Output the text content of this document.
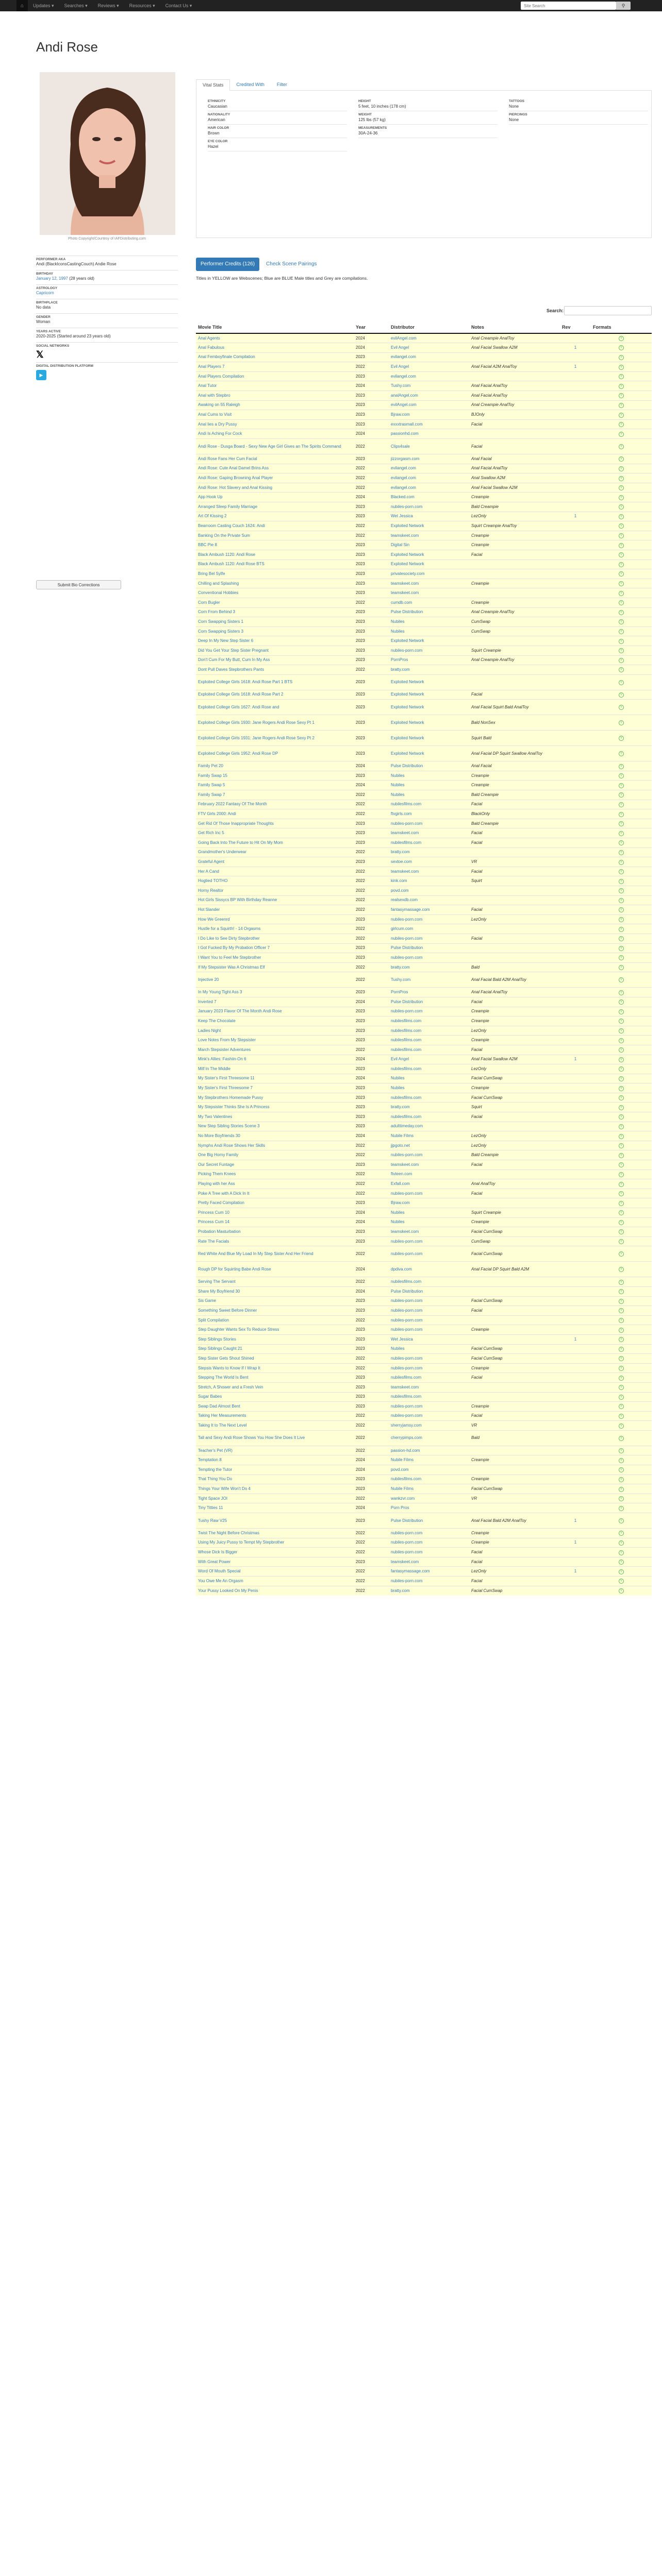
⌂	Updates ▾	Searches ▾	Reviews ▾	Resources ▾	Contact Us ▾
Site Search	⚲
Andi Rose
Photo Copyright/Courtesy of IAFDistributing.com
PERFORMER AKA
Andi (BlackIconsCastingCouch) Andie Rose
BIRTHDAY
January 12, 1997 (28 years old)
ASTROLOGY
Capricorn
BIRTHPLACE
No data
GENDER
Woman
YEARS ACTIVE
2020-2025 (Started around 23 years old)
SOCIAL NETWORKS
𝕏
DIGITAL DISTRIBUTION PLATFORM
▶
Submit Bio Corrections
Vital Stats	Credited With	Filter
ETHNICITY
Caucasian
NATIONALITY
American
HAIR COLOR
Brown
EYE COLOR
Hazel
HEIGHT
5 feet, 10 inches (178 cm)
WEIGHT
125 lbs (57 kg)
MEASUREMENTS
30A-24-36
TATTOOS
None
PIERCINGS
None
Performer Credits (126)	Check Scene Pairings
Titles in YELLOW are Webscenes; Blue are BLUE Male titles and Grey are compilations.
Search:
Movie Title	Year	Distributor	Notes	Rev	Formats
Anal Agents	2024	evilAngel.com	Anal Creampie AnalToy		Y
Anal Fabulous	2024	Evil Angel	Anal Facial Swallow A2M	1	Y
Anal Femboyfinale Compilation	2023	evilangel.com			Y
Anal Players 7	2022	Evil Angel	Anal Facial A2M AnalToy	1	Y
Anal Players Compilation	2023	evilangel.com			Y
Anal Tutor	2024	Tushy.com	Anal Facial AnalToy		Y
Anal with Stepbro	2023	analAngel.com	Anal Facial AnalToy		Y
Awaking on 55 Raleigh	2023	evilAngel.com	Anal Creampie AnalToy		Y
Anal Cums to Visit	2023	Bjraw.com	BJOnly		Y
Anal lies a Dry Pussy	2023	exxxtrasmall.com	Facial		Y
Andi Is Aching For Cock	2024	passionhd.com			Y
Andi Rose - Dusga Board - Sexy New Age Girl Gives an The Spirits Command	2022	Clips4sale	Facial		Y
Andi Rose Fans Her Cum Facial	2023	jizzorgasm.com	Anal Facial		Y
Andi Rose: Cute Anal Damel Brins Ass	2022	evilangel.com	Anal Facial AnalToy		Y
Andi Rose: Gaping Browning Anal Player	2022	evilangel.com	Anal Swallow A2M		Y
Andi Rose: Hot Slavery and Anal Kissing	2022	evilangel.com	Anal Facial Swallow A2M		Y
App Hook Up	2024	Blacked.com	Creampie		Y
Arranged Sleep Family Marriage	2023	nubiles-porn.com	Bald Creampie		Y
Art Of Kissing 2	2023	Wet Jessica	LezOnly	1	Y
Bearroom Casting Couch 1624: Andi	2022	Exploited Network	Squirt Creampie AnalToy		Y
Banking On the Private Sum	2022	teamskeet.com	Creampie		Y
BBC Pie 8	2023	Digital Sin	Creampie		Y
Black Ambush 1120: Andi Rose	2023	Exploited Network	Facial		Y
Black Ambush 1120: Andi Rose BTS	2023	Exploited Network			Y
Bring Bel Sylfe	2023	privatesociety.com			Y
Chilling and Splashing	2023	teamskeet.com	Creampie		Y
Conventional Hobbies	2023	teamskeet.com			Y
Corn Bugler	2022	cumdb.com	Creampie		Y
Corn From Behind 3	2023	Pulse Distribution	Anal Creampie AnalToy		Y
Corn Swapping Sisters 1	2023	Nubiles	CumSwap		Y
Corn Swapping Sisters 3	2023	Nubiles	CumSwap		Y
Deep In My New Step Sister 6	2023	Exploited Network			Y
Did You Get Your Step Sister Pregnant	2023	nubiles-porn.com	Squirt Creampie		Y
Don't Cum For My Butt, Cum In My Ass	2023	PornPros	Anal Creampie AnalToy		Y
Dont Pull Daves Stepbrothers Pants	2022	bratty.com			Y
Exploited College Girls 1618: Andi Rose Part 1 BTS	2023	Exploited Network			Y
Exploited College Girls 1618: Andi Rose Part 2	2023	Exploited Network	Facial		Y
Exploited College Girls 1627: Andi Rose and	2023	Exploited Network	Anal Facial Squirt Bald AnalToy		Y
Exploited College Girls 1930: Jane Rogers Andi Rose Sexy Pt 1	2023	Exploited Network	Bald NonSex		Y
Exploited College Girls 1931: Jane Rogers Andi Rose Sexy Pt 2	2023	Exploited Network	Squirt Bald		Y
Exploited College Girls 1952: Andi Rose DP	2023	Exploited Network	Anal Facial DP Squirt Swallow AnalToy		Y
Family Pet 20	2024	Pulse Distribution	Anal Facial		Y
Family Swap 15	2023	Nubiles	Creampie		Y
Family Swap 5	2024	Nubiles	Creampie		Y
Family Swap 7	2022	Nubiles	Bald Creampie		Y
February 2022 Fantasy Of The Month	2022	nubilesfilms.com	Facial		Y
FTV Girls 2000: Andi	2022	ftvgirls.com	BlackOnly		Y
Get Rid Of Those Inappropriate Thoughts	2023	nubiles-porn.com	Bald Creampie		Y
Get Rich Inc 5	2023	teamskeet.com	Facial		Y
Going Back Into The Future to Hit On My Mom	2023	nubilesfilms.com	Facial		Y
Grandmother's Underwear	2022	bratty.com			Y
Grateful Agent	2023	sextoe.com	VR		Y
Her A Cand	2022	teamskeet.com	Facial		Y
Hogtied TOTHO	2022	kink.com	Squirt		Y
Horny Realtor	2022	povd.com			Y
Hot Girls Sissycs BP With Birthday Reanne	2022	realsexdb.com			Y
Hot Slander	2022	fantasymassage.com	Facial		Y
How We Greenrd	2023	nubiles-porn.com	LezOnly		Y
Hustle for a Squirth! - 14 Orgasms	2022	girlcum.com			Y
I Do Like to See Dirty Stepbrother	2022	nubiles-porn.com	Facial		Y
I Got Fucked By My Probation Officer 7	2023	Pulse Distribution			Y
I Want You to Feel Me Stepbrother	2023	nubiles-porn.com			Y
If My Stepsister Was A Christmas Elf	2022	bratty.com	Bald		Y
Injective 20	2022	Tushy.com	Anal Facial Bald A2M AnalToy		Y
In My Young Tight Ass 3	2023	PornPros	Anal Facial AnalToy		Y
Inverted 7	2024	Pulse Distribution	Facial		Y
January 2023 Flavor Of The Month Andi Rose	2023	nubiles-porn.com	Creampie		Y
Keep The Chocolate	2023	nubilesfilms.com	Creampie		Y
Ladies Night	2023	nubilesfilms.com	LezOnly		Y
Love Notes From My Stepsister	2023	nubilesfilms.com	Creampie		Y
March Stepsister Adventures	2022	nubilesfilms.com	Facial		Y
Mink's Allies: Fashiin-On 6	2024	Evil Angel	Anal Facial Swallow A2M	1	Y
Milf In The Middle	2023	nubilesfilms.com	LezOnly		Y
My Sister's First Threesome 11	2024	Nubiles	Facial CumSwap		Y
My Sister's First Threesome 7	2023	Nubiles	Creampie		Y
My Stepbrothers Homemade Pussy	2023	nubilesfilms.com	Facial CumSwap		Y
My Stepsister Thinks She Is A Princess	2023	bratty.com	Squirt		Y
My Two Valentines	2023	nubilesfilms.com	Facial		Y
New Step Sibling Stories Scene 3	2023	adulttimeday.com			Y
No More Boyfriends 30	2024	Nubile Films	LezOnly		Y
Nymphs Andi Rose Shows Her Skills	2022	jjpgoto.net	LezOnly		Y
One Big Horny Family	2022	nubiles-porn.com	Bald Creampie		Y
Our Secret Funtage	2023	teamskeet.com	Facial		Y
Picking Them Knees	2022	ftvteen.com			Y
Playing with her Ass	2022	Exfall.com	Anal AnalToy		Y
Poke A Tree with A Dick In It	2022	nubiles-porn.com	Facial		Y
Pretty Faced Compilation	2023	Bjraw.com			Y
Princess Cum 10	2024	Nubiles	Squirt Creampie		Y
Princess Cum 14	2024	Nubiles	Creampie		Y
Probation Masturbation	2023	teamskeet.com	Facial CumSwap		Y
Rate The Facials	2023	nubiles-porn.com	CumSwap		Y
Red White And Blue My Load In My Step Sister And Her Friend	2022	nubiles-porn.com	Facial CumSwap		Y
Rough DP for Squirting Babe Andi Rose	2024	dpdiva.com	Anal Facial DP Squirt Bald A2M		Y
Serving The Servant	2022	nubilesfilms.com			Y
Share My Boyfriend 30	2024	Pulse Distribution			Y
Sis Game	2023	nubiles-porn.com	Facial CumSwap		Y
Something Sweet Before Dinner	2023	nubiles-porn.com	Facial		Y
Split Compilation	2022	nubiles-porn.com			Y
Step Daughter Wants Sex To Reduce Stress	2023	nubiles-porn.com	Creampie		Y
Step Siblings Stories	2023	Wet Jessica		1	Y
Step Siblings Caught 21	2023	Nubiles	Facial CumSwap		Y
Step Sister Gets Shout Shined	2022	nubiles-porn.com	Facial CumSwap		Y
Stepsis Wants to Know If I Wrap It	2022	nubiles-porn.com	Creampie		Y
Stepping The World Is Bent	2023	nubilesfilms.com	Facial		Y
Stretch, A Shower and a Fresh Vein	2023	teamskeet.com			Y
Sugar Babes	2023	nubilesfilms.com			Y
Swap Dad Almost Bent	2023	nubiles-porn.com	Creampie		Y
Taking Her Measurements	2022	nubiles-porn.com	Facial		Y
Taking It to The Next Level	2022	sherryjamsy.com	VR		Y
Tall and Sexy Andi Rose Shows You How She Does It Live	2022	cherrypimps.com	Bald		Y
Teacher's Pet (VR)	2022	passion-hd.com			Y
Temptation 8	2024	Nubile Films	Creampie		Y
Tempting the Tutor	2024	povd.com			Y
That Thing You Do	2023	nubilesfilms.com	Creampie		Y
Things Your Wife Won't Do 4	2023	Nubile Films	Facial CumSwap		Y
Tight Space JOI	2022	wankzvr.com	VR		Y
Tiny Titties 11	2024	Porn Pros			Y
Tushy Raw V25	2023	Pulse Distribution	Anal Facial Bald A2M AnalToy	1	Y
Twist The Night Before Christmas	2022	nubiles-porn.com	Creampie		Y
Using My Juicy Pussy to Tempt My Stepbrother	2022	nubiles-porn.com	Creampie	1	Y
Whose Dick Is Bigger	2022	nubiles-porn.com	Facial		Y
With Great Power	2023	teamskeet.com	Facial		Y
Word Of Mouth Special	2022	fantasymassage.com	LezOnly	1	Y
You Owe Me An Orgasm	2022	nubiles-porn.com	Facial		Y
Your Pussy Looked On My Penis	2022	bratty.com	Facial CumSwap		Y
